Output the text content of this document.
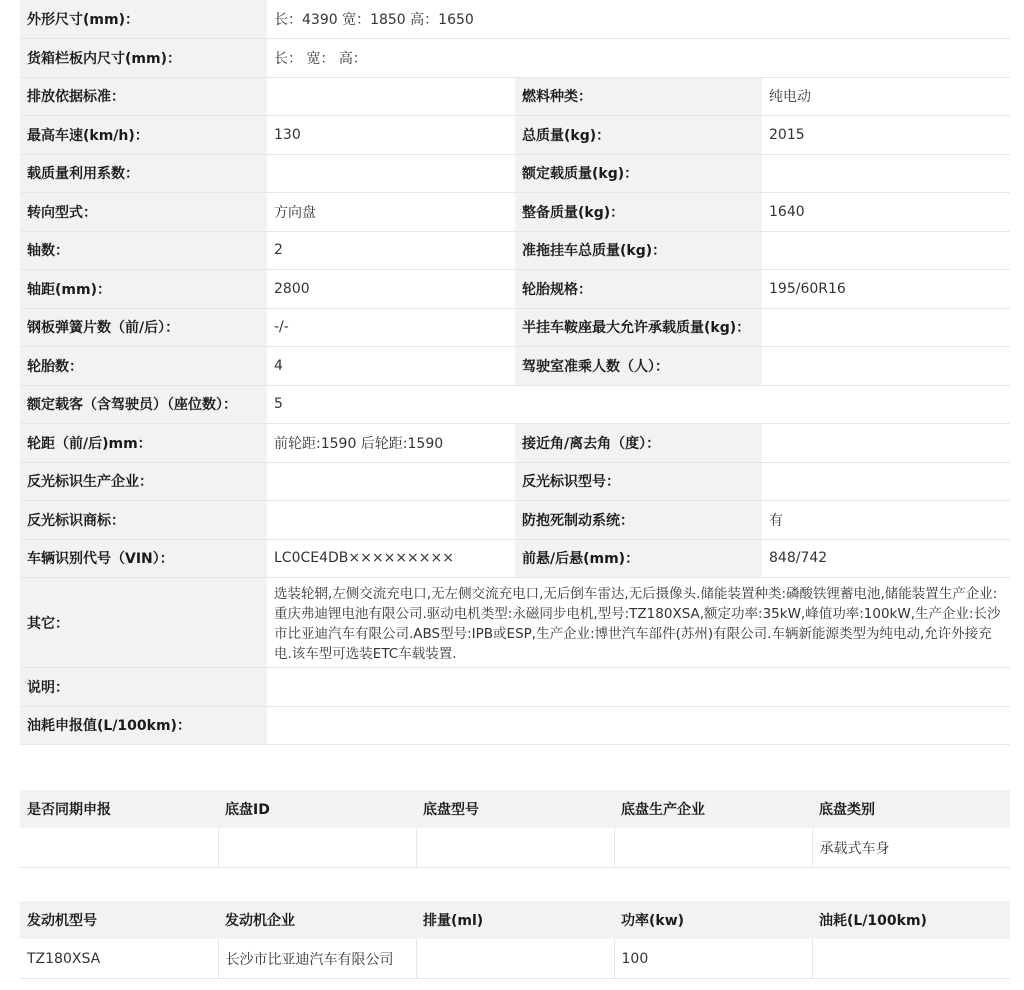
外形尺寸(mm)：	长：4390 宽：1850 高：1650		
货箱栏板内尺寸(mm)：	长： 宽： 高：		
排放依据标准：		燃料种类：	纯电动
最高车速(km/h)：	130	总质量(kg)：	2015
载质量利用系数：		额定载质量(kg)：	
转向型式：	方向盘	整备质量(kg)：	1640
轴数：	2	准拖挂车总质量(kg)：	
轴距(mm)：	2800	轮胎规格：	195/60R16
钢板弹簧片数（前/后）：	-/-	半挂车鞍座最大允许承载质量(kg)：	
轮胎数：	4	驾驶室准乘人数（人）：	
额定载客（含驾驶员）（座位数）：	5		
轮距（前/后)mm：	前轮距:1590 后轮距:1590	接近角/离去角（度）：	
反光标识生产企业：		反光标识型号：	
反光标识商标：		防抱死制动系统：	有
车辆识别代号（VIN）：	LC0CE4DB×××××××××	前悬/后悬(mm)：	848/742
其它：	选装轮辋,左侧交流充电口,无左侧交流充电口,无后倒车雷达,无后摄像头.储能装置种类:磷酸铁锂蓄电池,储能装置生产企业:重庆弗迪锂电池有限公司.驱动电机类型:永磁同步电机,型号:TZ180XSA,额定功率:35kW,峰值功率:100kW,生产企业:长沙市比亚迪汽车有限公司.ABS型号:IPB或ESP,生产企业:博世汽车部件(苏州)有限公司.车辆新能源类型为纯电动,允许外接充电.该车型可选装ETC车载装置.		
说明：			
油耗申报值(L/100km)：			
是否同期申报	底盘ID	底盘型号	底盘生产企业	底盘类别
				承载式车身
发动机型号	发动机企业	排量(ml)	功率(kw)	油耗(L/100km)
TZ180XSA	长沙市比亚迪汽车有限公司		100	
